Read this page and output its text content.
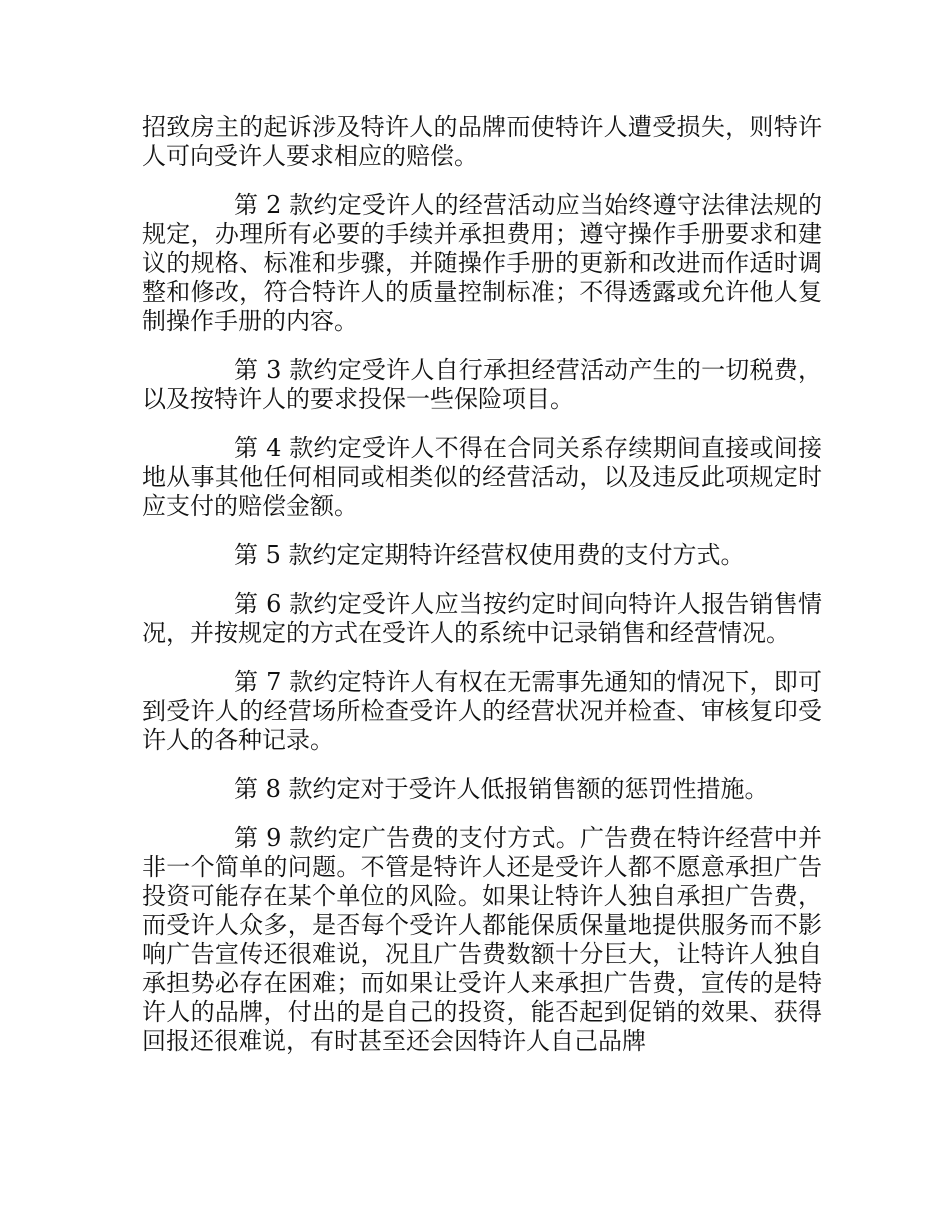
招致房主的起诉涉及特许人的品牌而使特许人遭受损失，则特许人可向受许人要求相应的赔偿。

第 2 款约定受许人的经营活动应当始终遵守法律法规的规定，办理所有必要的手续并承担费用；遵守操作手册要求和建议的规格、标准和步骤，并随操作手册的更新和改进而作适时调整和修改，符合特许人的质量控制标准；不得透露或允许他人复制操作手册的内容。

第 3 款约定受许人自行承担经营活动产生的一切税费，以及按特许人的要求投保一些保险项目。

第 4 款约定受许人不得在合同关系存续期间直接或间接地从事其他任何相同或相类似的经营活动，以及违反此项规定时应支付的赔偿金额。

第 5 款约定定期特许经营权使用费的支付方式。

第 6 款约定受许人应当按约定时间向特许人报告销售情况，并按规定的方式在受许人的系统中记录销售和经营情况。

第 7 款约定特许人有权在无需事先通知的情况下，即可到受许人的经营场所检查受许人的经营状况并检查、审核复印受许人的各种记录。

第 8 款约定对于受许人低报销售额的惩罚性措施。

第 9 款约定广告费的支付方式。广告费在特许经营中并非一个简单的问题。不管是特许人还是受许人都不愿意承担广告投资可能存在某个单位的风险。如果让特许人独自承担广告费，而受许人众多，是否每个受许人都能保质保量地提供服务而不影响广告宣传还很难说，况且广告费数额十分巨大，让特许人独自承担势必存在困难；而如果让受许人来承担广告费，宣传的是特许人的品牌，付出的是自己的投资，能否起到促销的效果、获得回报还很难说，有时甚至还会因特许人自己品牌
